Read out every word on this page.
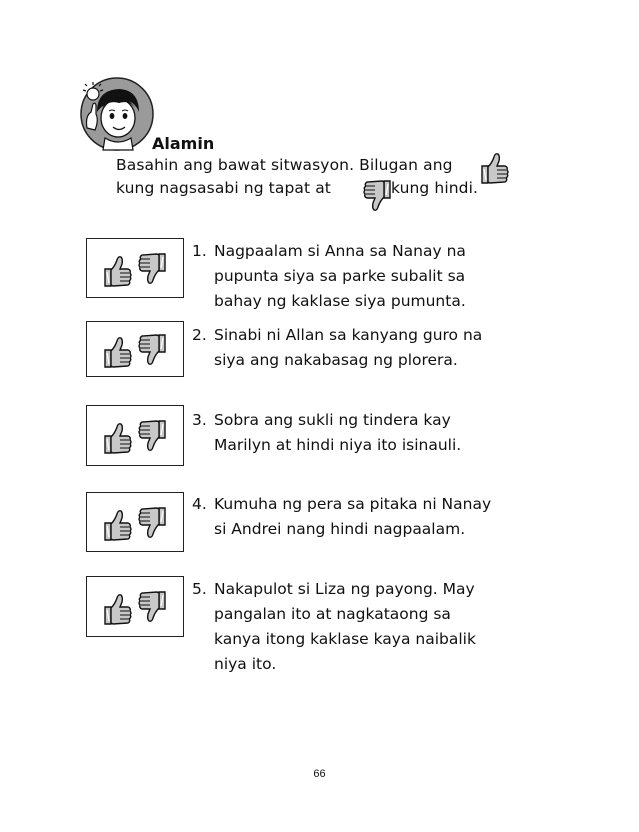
Alamin
Basahin ang bawat sitwasyon. Bilugan ang
kung nagsasabi ng tapat at	kung hindi.
1. Nagpaalam si Anna sa Nanay na
pupunta siya sa parke subalit sa
bahay ng kaklase siya pumunta.
2. Sinabi ni Allan sa kanyang guro na
siya ang nakabasag ng plorera.
3. Sobra ang sukli ng tindera kay
Marilyn at hindi niya ito isinauli.
4. Kumuha ng pera sa pitaka ni Nanay
si Andrei nang hindi nagpaalam.
5. Nakapulot si Liza ng payong. May
pangalan ito at nagkataong sa
kanya itong kaklase kaya naibalik
niya ito.
66
